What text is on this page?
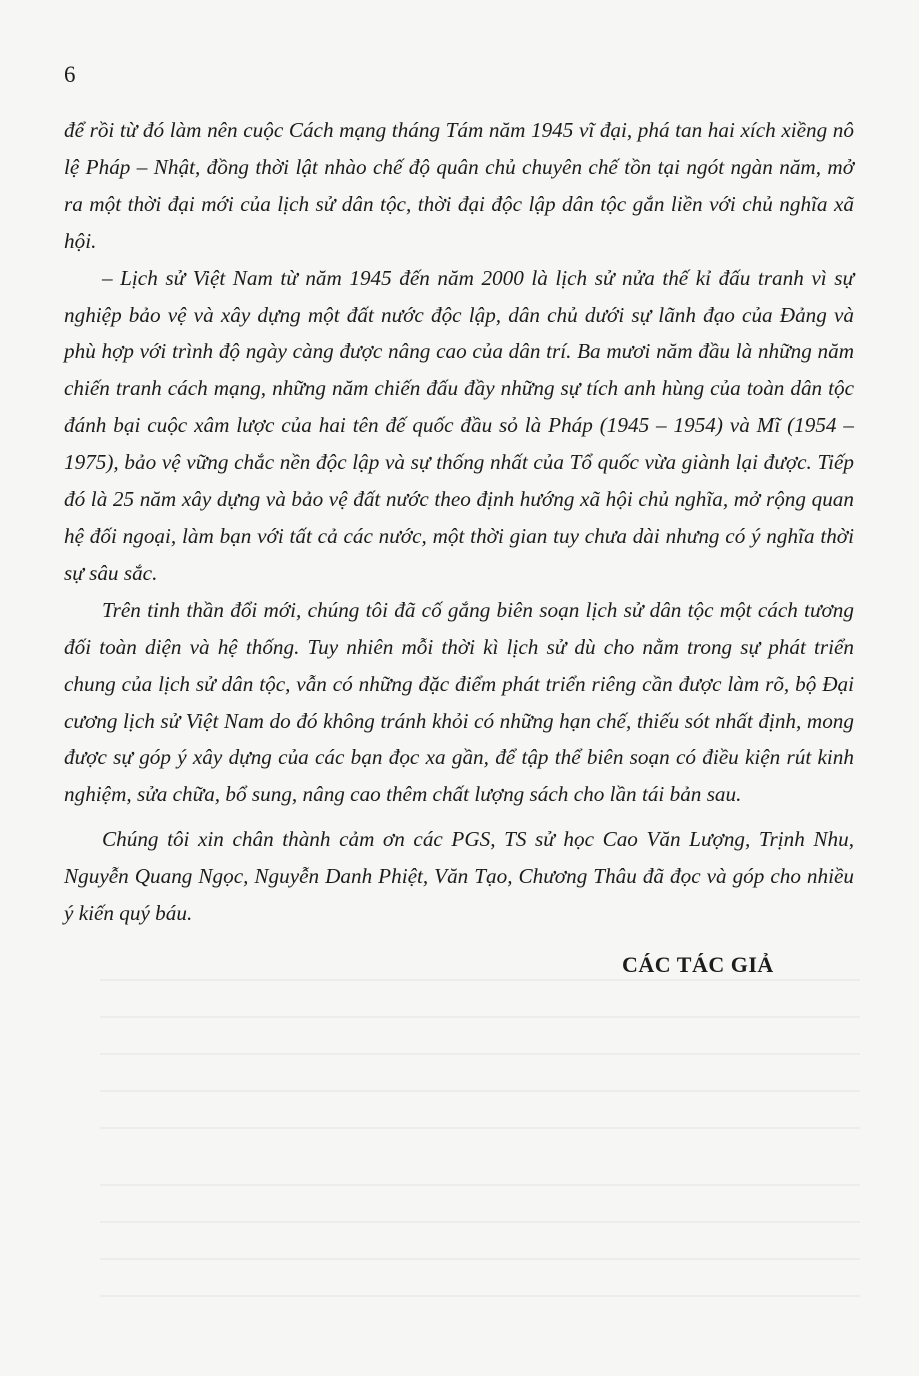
6

để rồi từ đó làm nên cuộc Cách mạng tháng Tám năm 1945 vĩ đại, phá tan hai xích xiềng nô lệ Pháp – Nhật, đồng thời lật nhào chế độ quân chủ chuyên chế tồn tại ngót ngàn năm, mở ra một thời đại mới của lịch sử dân tộc, thời đại độc lập dân tộc gắn liền với chủ nghĩa xã hội.

– Lịch sử Việt Nam từ năm 1945 đến năm 2000 là lịch sử nửa thế kỉ đấu tranh vì sự nghiệp bảo vệ và xây dựng một đất nước độc lập, dân chủ dưới sự lãnh đạo của Đảng và phù hợp với trình độ ngày càng được nâng cao của dân trí. Ba mươi năm đầu là những năm chiến tranh cách mạng, những năm chiến đấu đầy những sự tích anh hùng của toàn dân tộc đánh bại cuộc xâm lược của hai tên đế quốc đầu sỏ là Pháp (1945 – 1954) và Mĩ (1954 – 1975), bảo vệ vững chắc nền độc lập và sự thống nhất của Tổ quốc vừa giành lại được. Tiếp đó là 25 năm xây dựng và bảo vệ đất nước theo định hướng xã hội chủ nghĩa, mở rộng quan hệ đối ngoại, làm bạn với tất cả các nước, một thời gian tuy chưa dài nhưng có ý nghĩa thời sự sâu sắc.

Trên tinh thần đổi mới, chúng tôi đã cố gắng biên soạn lịch sử dân tộc một cách tương đối toàn diện và hệ thống. Tuy nhiên mỗi thời kì lịch sử dù cho nằm trong sự phát triển chung của lịch sử dân tộc, vẫn có những đặc điểm phát triển riêng cần được làm rõ, bộ Đại cương lịch sử Việt Nam do đó không tránh khỏi có những hạn chế, thiếu sót nhất định, mong được sự góp ý xây dựng của các bạn đọc xa gần, để tập thể biên soạn có điều kiện rút kinh nghiệm, sửa chữa, bổ sung, nâng cao thêm chất lượng sách cho lần tái bản sau.

Chúng tôi xin chân thành cảm ơn các PGS, TS sử học Cao Văn Lượng, Trịnh Nhu, Nguyễn Quang Ngọc, Nguyễn Danh Phiệt, Văn Tạo, Chương Thâu đã đọc và góp cho nhiều ý kiến quý báu.

CÁC TÁC GIẢ
